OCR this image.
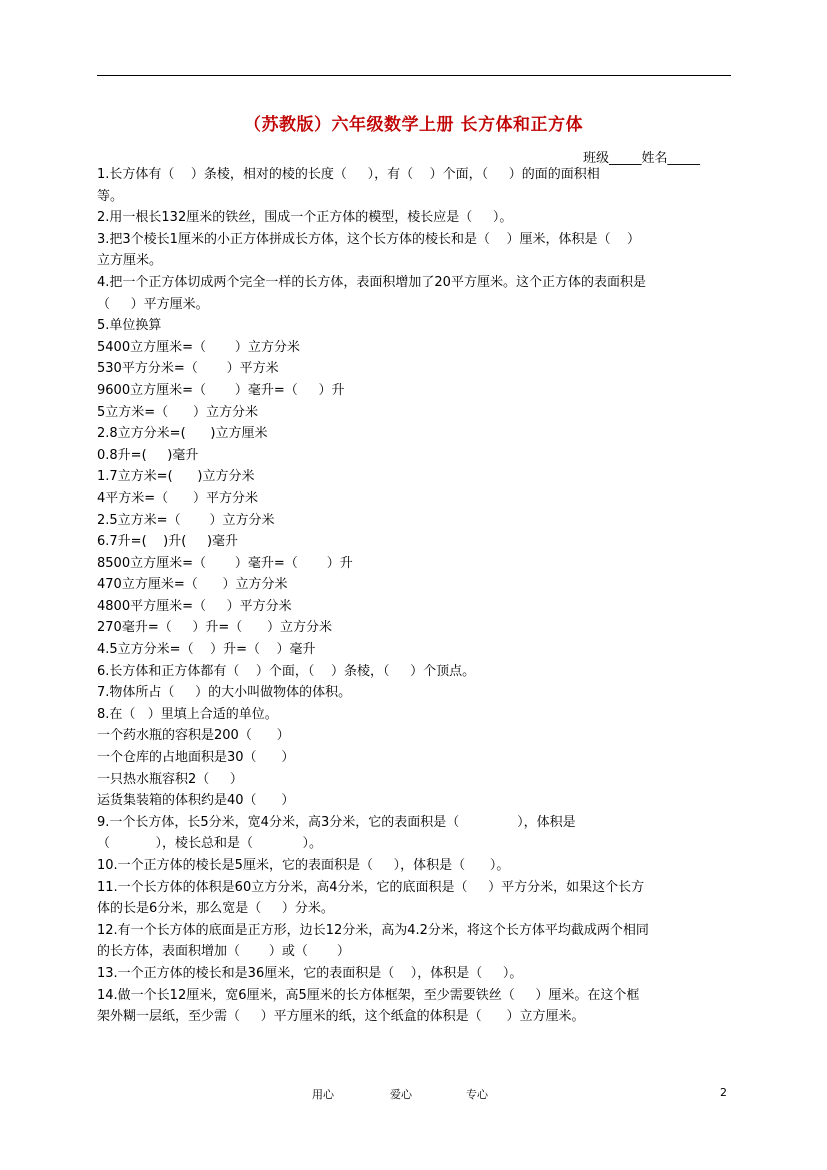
（苏教版）六年级数学上册 长方体和正方体
班级_____姓名_____
1.长方体有（    ）条棱，相对的棱的长度（     ），有（    ）个面，（     ）的面的面积相
等。
2.用一根长132厘米的铁丝，围成一个正方体的模型，棱长应是（     ）。
3.把3个棱长1厘米的小正方体拼成长方体，这个长方体的棱长和是（    ）厘米，体积是（    ）
立方厘米。
4.把一个正方体切成两个完全一样的长方体，表面积增加了20平方厘米。这个正方体的表面积是
（     ）平方厘米。
5.单位换算
5400立方厘米=（       ）立方分米
530平方分米=（       ）平方米
9600立方厘米=（       ）毫升=（     ）升
5立方米=（      ）立方分米
2.8立方分米=(      )立方厘米
0.8升=(     )毫升
1.7立方米=(      )立方分米
4平方米=（      ）平方分米
2.5立方米=（       ）立方分米
6.7升=(    )升(     )毫升
8500立方厘米=（       ）毫升=（       ）升
470立方厘米=（      ）立方分米
4800平方厘米=（     ）平方分米
270毫升=（     ）升=（      ）立方分米
4.5立方分米=（    ）升=（    ）毫升
6.长方体和正方体都有（    ）个面，（    ）条棱，（     ）个顶点。
7.物体所占（     ）的大小叫做物体的体积。
8.在（   ）里填上合适的单位。
一个药水瓶的容积是200（      ）
一个仓库的占地面积是30（      ）
一只热水瓶容积2（     ）
运货集装箱的体积约是40（      ）
9.一个长方体，长5分米，宽4分米，高3分米，它的表面积是（              ），体积是
（           ），棱长总和是（            ）。
10.一个正方体的棱长是5厘米，它的表面积是（     ），体积是（      ）。
11.一个长方体的体积是60立方分米，高4分米，它的底面积是（     ）平方分米，如果这个长方
体的长是6分米，那么宽是（     ）分米。
12.有一个长方体的底面是正方形，边长12分米，高为4.2分米，将这个长方体平均截成两个相同
的长方体，表面积增加（       ）或（       ）
13.一个正方体的棱长和是36厘米，它的表面积是（    ），体积是（     ）。
14.做一个长12厘米，宽6厘米，高5厘米的长方体框架，至少需要铁丝（     ）厘米。在这个框
架外糊一层纸，至少需（     ）平方厘米的纸，这个纸盒的体积是（      ）立方厘米。
用心	爱心	专心	2
